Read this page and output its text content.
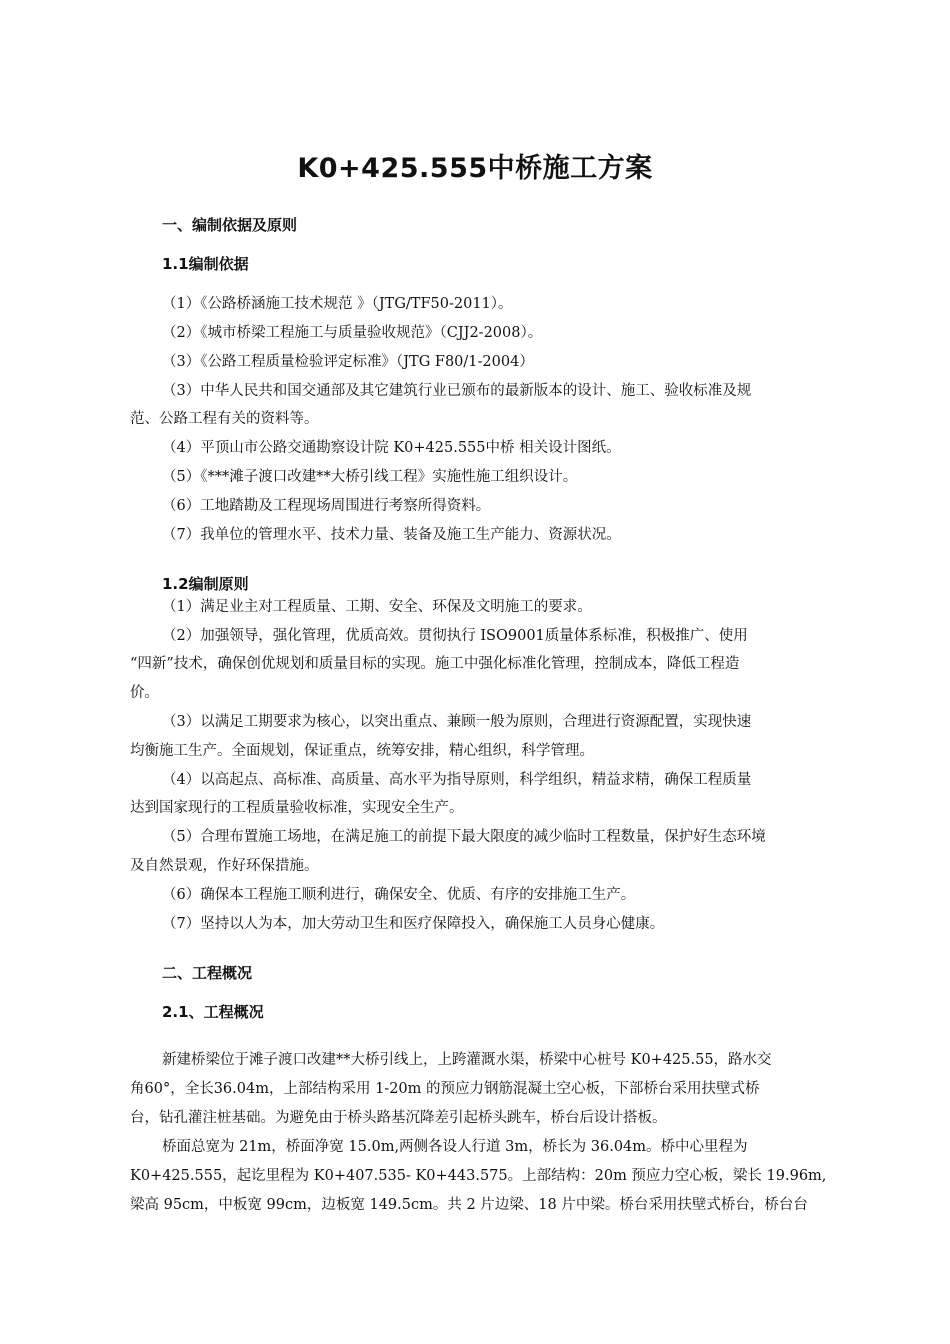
K0+425.555中桥施工方案
一、编制依据及原则
1.1编制依据
（1）《公路桥涵施工技术规范 》（JTG/TF50-2011）。
（2）《城市桥梁工程施工与质量验收规范》（CJJ2-2008）。
（3）《公路工程质量检验评定标准》（JTG F80/1-2004）
（3）中华人民共和国交通部及其它建筑行业已颁布的最新版本的设计、施工、验收标准及规
范、公路工程有关的资料等。
（4）平顶山市公路交通勘察设计院 K0+425.555中桥 相关设计图纸。
（5）《***滩子渡口改建**大桥引线工程》实施性施工组织设计。
（6）工地踏勘及工程现场周围进行考察所得资料。
（7）我单位的管理水平、技术力量、装备及施工生产能力、资源状况。
1.2编制原则
（1）满足业主对工程质量、工期、安全、环保及文明施工的要求。
（2）加强领导，强化管理，优质高效。贯彻执行 ISO9001质量体系标准，积极推广、使用
“四新”技术，确保创优规划和质量目标的实现。施工中强化标准化管理，控制成本，降低工程造
价。
（3）以满足工期要求为核心，以突出重点、兼顾一般为原则，合理进行资源配置，实现快速
均衡施工生产。全面规划，保证重点，统筹安排，精心组织，科学管理。
（4）以高起点、高标准、高质量、高水平为指导原则，科学组织，精益求精，确保工程质量
达到国家现行的工程质量验收标准，实现安全生产。
（5）合理布置施工场地，在满足施工的前提下最大限度的减少临时工程数量，保护好生态环境
及自然景观，作好环保措施。
（6）确保本工程施工顺利进行，确保安全、优质、有序的安排施工生产。
（7）坚持以人为本，加大劳动卫生和医疗保障投入，确保施工人员身心健康。
二、工程概况
2.1、工程概况
新建桥梁位于滩子渡口改建**大桥引线上，上跨灌溉水渠，桥梁中心桩号 K0+425.55，路水交
角60°，全长36.04m，上部结构采用 1-20m 的预应力钢筋混凝土空心板，下部桥台采用扶壁式桥
台，钻孔灌注桩基础。为避免由于桥头路基沉降差引起桥头跳车，桥台后设计搭板。
桥面总宽为 21m，桥面净宽 15.0m,两侧各设人行道 3m，桥长为 36.04m。桥中心里程为
K0+425.555，起讫里程为 K0+407.535- K0+443.575。上部结构：20m 预应力空心板，梁长 19.96m,
梁高 95cm，中板宽 99cm，边板宽 149.5cm。共 2 片边梁、18 片中梁。桥台采用扶壁式桥台，桥台台
